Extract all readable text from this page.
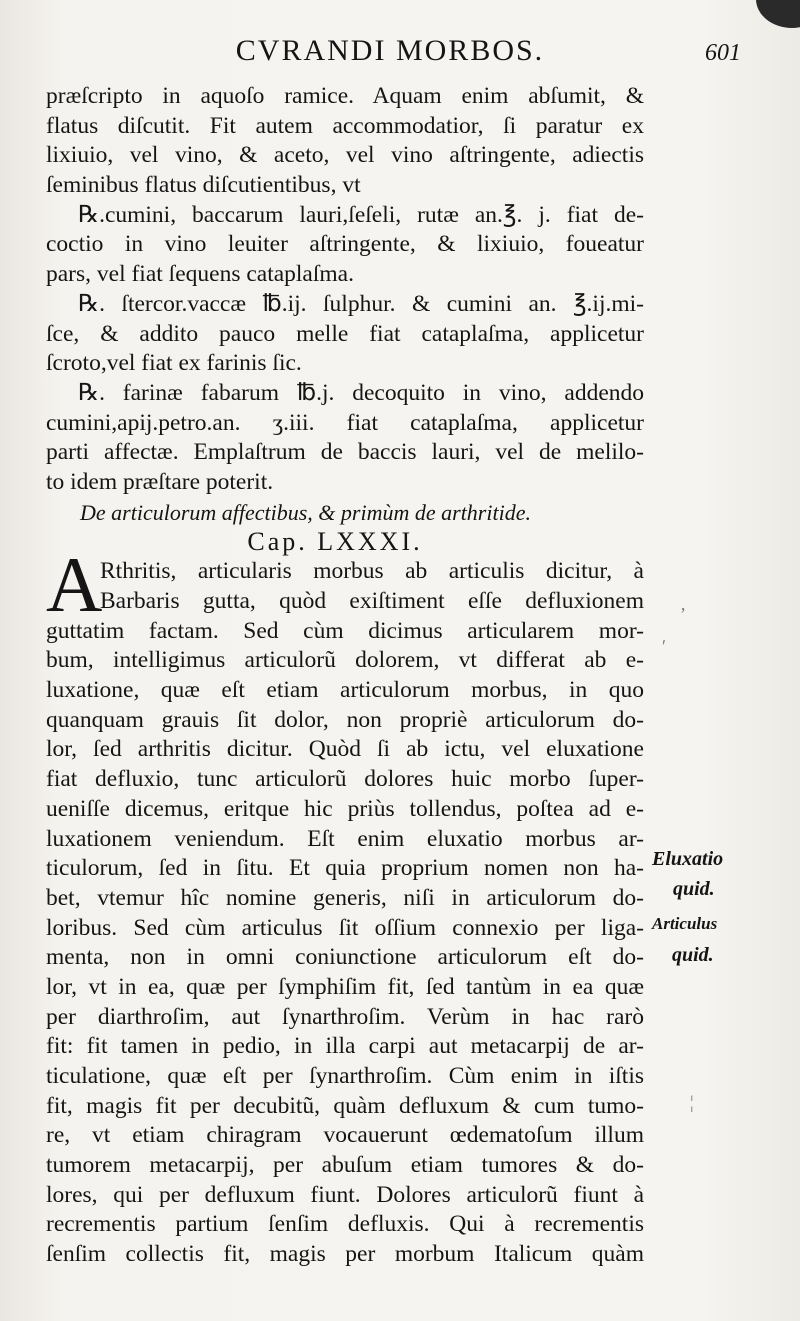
CVRANDI MORBOS.	601
præſcripto in aquoſo ramice. Aquam enim abſumit, &
flatus diſcutit. Fit autem accommodatior, ſi paratur ex
lixiuio, vel vino, & aceto, vel vino aſtringente, adiectis
ſeminibus flatus diſcutientibus, vt
℞.cumini, baccarum lauri,ſeſeli, rutæ an.℥. j. fiat de-
coctio in vino leuiter aſtringente, & lixiuio, foueatur
pars, vel fiat ſequens cataplaſma.
℞. ſtercor.vaccæ ℔.ij. ſulphur. & cumini an. ℥.ij.mi-
ſce, & addito pauco melle fiat cataplaſma, applicetur
ſcroto,vel fiat ex farinis ſic.
℞. farinæ fabarum ℔.j. decoquito in vino, addendo
cumini,apij.petro.an. ʒ.iii. fiat cataplaſma, applicetur
parti affectæ. Emplaſtrum de baccis lauri, vel de melilo-
to idem præſtare poterit.
De articulorum affectibus, & primùm de arthritide.
Cap. LXXXI.
Rthritis, articularis morbus ab articulis dicitur, à
Barbaris gutta, quòd exiſtiment eſſe defluxionem
guttatim factam. Sed cùm dicimus articularem mor-
bum, intelligimus articulorũ dolorem, vt differat ab e-
luxatione, quæ eſt etiam articulorum morbus, in quo
quanquam grauis ſit dolor, non propriè articulorum do-
lor, ſed arthritis dicitur. Quòd ſi ab ictu, vel eluxatione
fiat defluxio, tunc articulorũ dolores huic morbo ſuper-
ueniſſe dicemus, eritque hic priùs tollendus, poſtea ad e-
luxationem veniendum. Eſt enim eluxatio morbus ar-
ticulorum, ſed in ſitu. Et quia proprium nomen non ha-
bet, vtemur hîc nomine generis, niſi in articulorum do-
loribus. Sed cùm articulus ſit oſſium connexio per liga-
menta, non in omni coniunctione articulorum eſt do-
lor, vt in ea, quæ per ſymphiſim fit, ſed tantùm in ea quæ
per diarthroſim, aut ſynarthroſim. Verùm in hac rarò
fit: fit tamen in pedio, in illa carpi aut metacarpij de ar-
ticulatione, quæ eſt per ſynarthroſim. Cùm enim in iſtis
fit, magis fit per decubitũ, quàm defluxum & cum tumo-
re, vt etiam chiragram vocauerunt œdematoſum illum
tumorem metacarpij, per abuſum etiam tumores & do-
lores, qui per defluxum fiunt. Dolores articulorũ fiunt à
recrementis partium ſenſim defluxis. Qui à recrementis
ſenſim collectis fit, magis per morbum Italicum quàm
A
Eluxatio
quid.
Articulus
quid.
‚
ʹ
¦
